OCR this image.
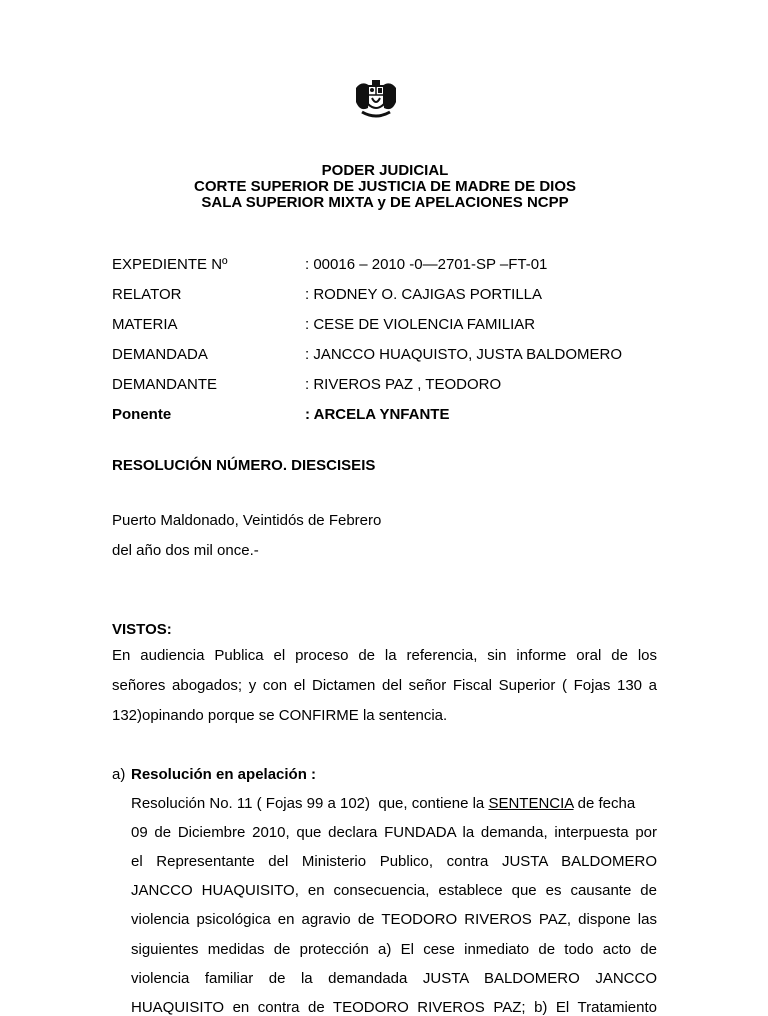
PODER JUDICIAL
CORTE SUPERIOR DE JUSTICIA DE MADRE DE DIOS
SALA SUPERIOR MIXTA y DE APELACIONES NCPP
EXPEDIENTE Nº	: 00016 – 2010 -0—2701-SP –FT-01
RELATOR	: RODNEY O. CAJIGAS PORTILLA
MATERIA	: CESE DE VIOLENCIA FAMILIAR
DEMANDADA	: JANCCO HUAQUISTO, JUSTA BALDOMERO
DEMANDANTE	: RIVEROS PAZ , TEODORO
Ponente	: ARCELA YNFANTE
RESOLUCIÓN NÚMERO. DIESCISEIS
Puerto Maldonado, Veintidós de Febrero
del año dos mil once.-
VISTOS:
En audiencia Publica el proceso de la referencia, sin informe oral de los
señores abogados; y con el Dictamen del señor Fiscal Superior ( Fojas 130 a
132)opinando porque se CONFIRME la sentencia.
a) Resolución en apelación :
Resolución No. 11 ( Fojas 99 a 102)  que, contiene la SENTENCIA de fecha
09 de Diciembre 2010, que declara FUNDADA la demanda, interpuesta por
el Representante del Ministerio Publico, contra JUSTA BALDOMERO
JANCCO HUAQUISITO, en consecuencia, establece que es causante de
violencia psicológica en agravio de TEODORO RIVEROS PAZ, dispone las
siguientes medidas de protección a) El cese inmediato de todo acto de
violencia familiar de la demandada JUSTA BALDOMERO JANCCO
HUAQUISITO en contra de TEODORO RIVEROS PAZ; b) El Tratamiento
